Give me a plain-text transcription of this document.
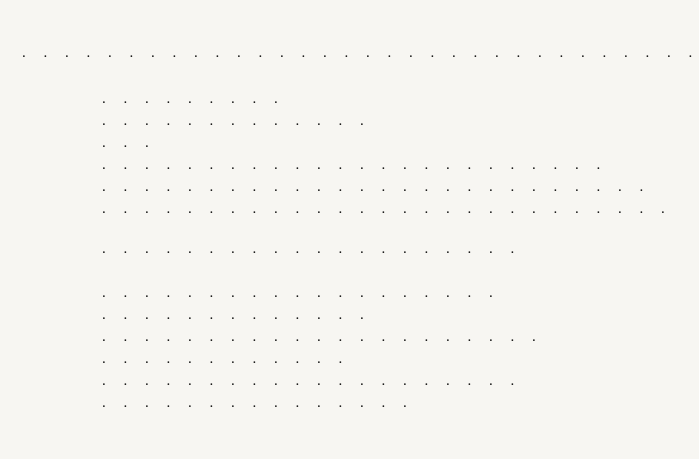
. . . . . . . . . . . . . . . . . . . . . . . . . . . . . . . .
. . . . . . . . .
. . . . . . . . . . . . .
. . .
. . . . . . . . . . . . . . . . . . . . . . . .
. . . . . . . . . . . . . . . . . . . . . . . . . .
. . . . . . . . . . . . . . . . . . . . . . . . . . .
. . . . . . . . . . . . . . . . . . . .
. . . . . . . . . . . . . . . . . . .
. . . . . . . . . . . . .
. . . . . . . . . . . . . . . . . . . . .
. . . . . . . . . . . .
. . . . . . . . . . . . . . . . . . . .
. . . . . . . . . . . . . . .
